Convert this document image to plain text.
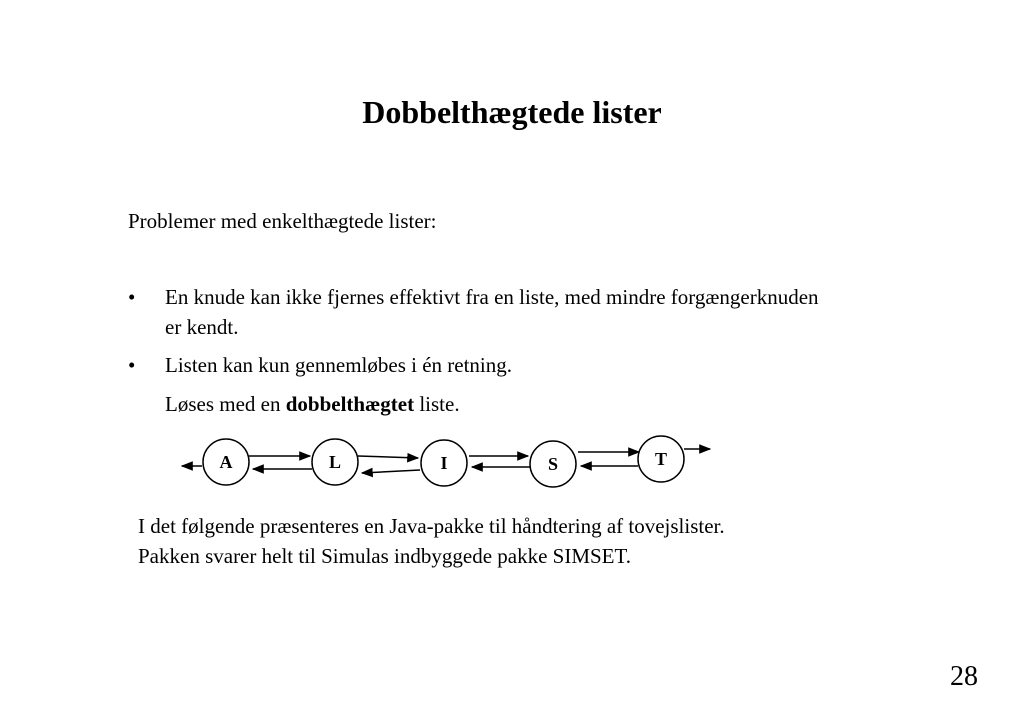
Dobbelthægtede lister
Problemer med enkelthægtede lister:
•	En knude kan ikke fjernes effektivt fra en liste, med mindre forgængerknuden er kendt.
•	Listen kan kun gennemløbes i én retning.
Løses med en dobbelthægtet liste.
A	L	I	S	T
I det følgende præsenteres en Java-pakke til håndtering af tovejslister.
Pakken svarer helt til Simulas indbyggede pakke SIMSET.
28
